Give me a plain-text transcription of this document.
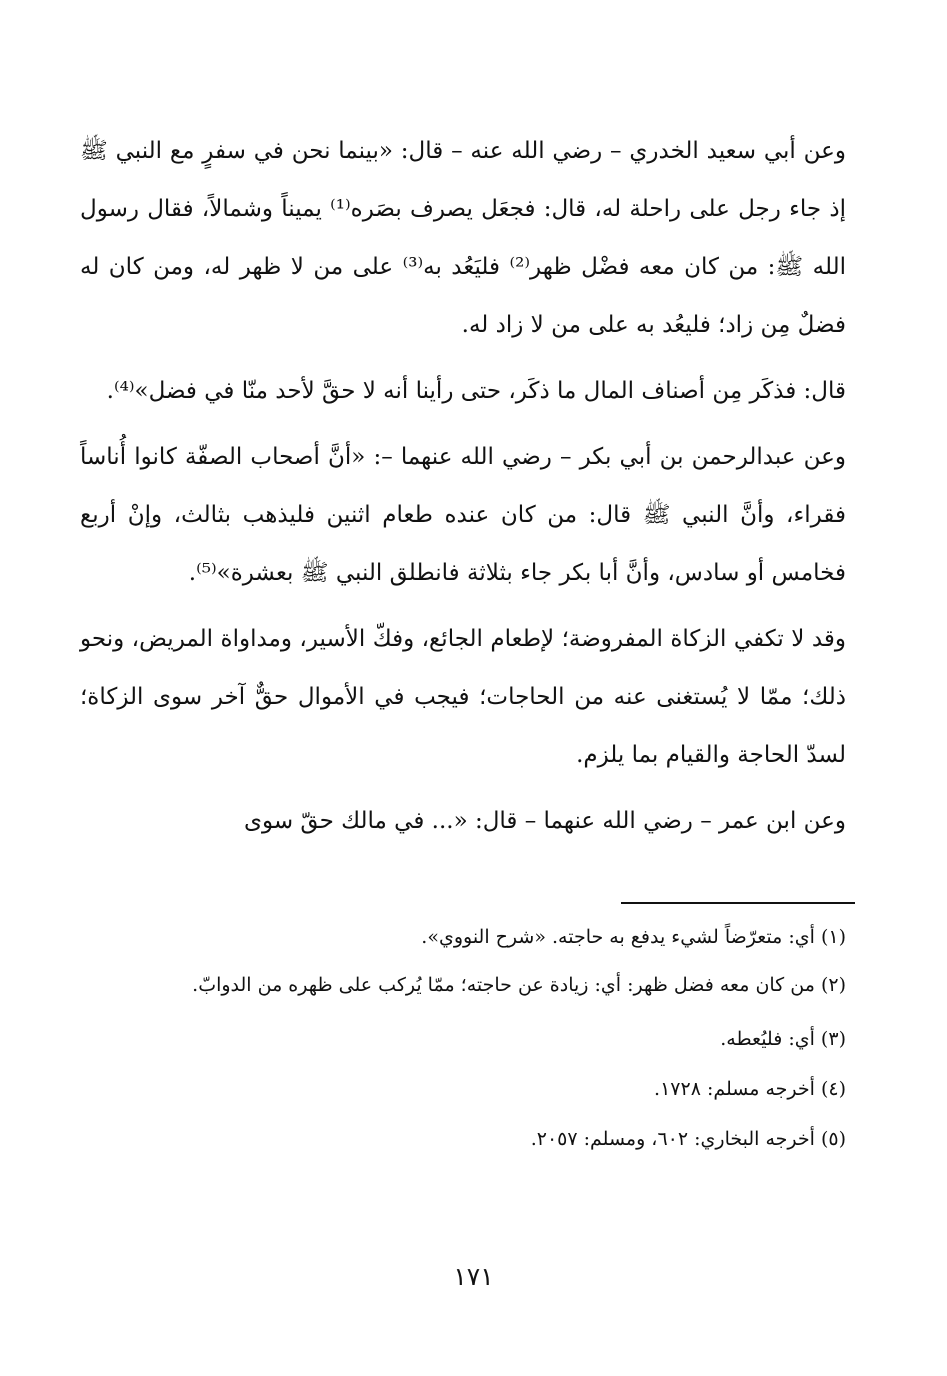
وعن أبي سعيد الخدري – رضي الله عنه – قال: «بينما نحن في سفرٍ مع النبي ﷺ إذ جاء رجل على راحلة له، قال: فجعَل يصرف بصَره⁽¹⁾ يميناً وشمالاً، فقال رسول الله ﷺ: من كان معه فضْل ظهر⁽²⁾ فليَعُد به⁽³⁾ على من لا ظهر له، ومن كان له فضلٌ مِن زاد؛ فليعُد به على من لا زاد له.

قال: فذكَر مِن أصناف المال ما ذكَر، حتى رأينا أنه لا حقَّ لأحد منّا في فضل»⁽⁴⁾.

وعن عبدالرحمن بن أبي بكر – رضي الله عنهما –: «أنَّ أصحاب الصفّة كانوا أُناساً فقراء، وأنَّ النبي ﷺ قال: من كان عنده طعام اثنين فليذهب بثالث، وإنْ أربع فخامس أو سادس، وأنَّ أبا بكر جاء بثلاثة فانطلق النبي ﷺ بعشرة»⁽⁵⁾.

وقد لا تكفي الزكاة المفروضة؛ لإطعام الجائع، وفكّ الأسير، ومداواة المريض، ونحو ذلك؛ ممّا لا يُستغنى عنه من الحاجات؛ فيجب في الأموال حقٌّ آخر سوى الزكاة؛ لسدّ الحاجة والقيام بما يلزم.

وعن ابن عمر – رضي الله عنهما – قال: «... في مالك حقّ سوى

(١) أي: متعرّضاً لشيء يدفع به حاجته. «شرح النووي».

(٢) من كان معه فضل ظهر: أي: زيادة عن حاجته؛ ممّا يُركب على ظهره من الدوابّ.

(٣) أي: فليُعطه.

(٤) أخرجه مسلم: ١٧٢٨.

(٥) أخرجه البخاري: ٦٠٢، ومسلم: ٢٠٥٧.

١٧١
